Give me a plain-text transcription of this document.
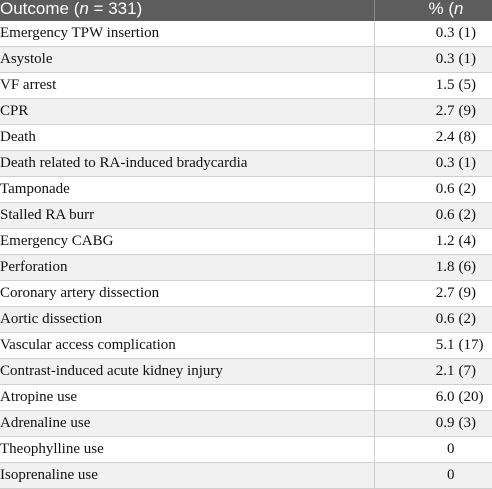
Outcome (n = 331)	% (n
Emergency TPW insertion	0.3 (1)
Asystole	0.3 (1)
VF arrest	1.5 (5)
CPR	2.7 (9)
Death	2.4 (8)
Death related to RA-induced bradycardia	0.3 (1)
Tamponade	0.6 (2)
Stalled RA burr	0.6 (2)
Emergency CABG	1.2 (4)
Perforation	1.8 (6)
Coronary artery dissection	2.7 (9)
Aortic dissection	0.6 (2)
Vascular access complication	5.1 (17)
Contrast-induced acute kidney injury	2.1 (7)
Atropine use	6.0 (20)
Adrenaline use	0.9 (3)
Theophylline use	0
Isoprenaline use	0
